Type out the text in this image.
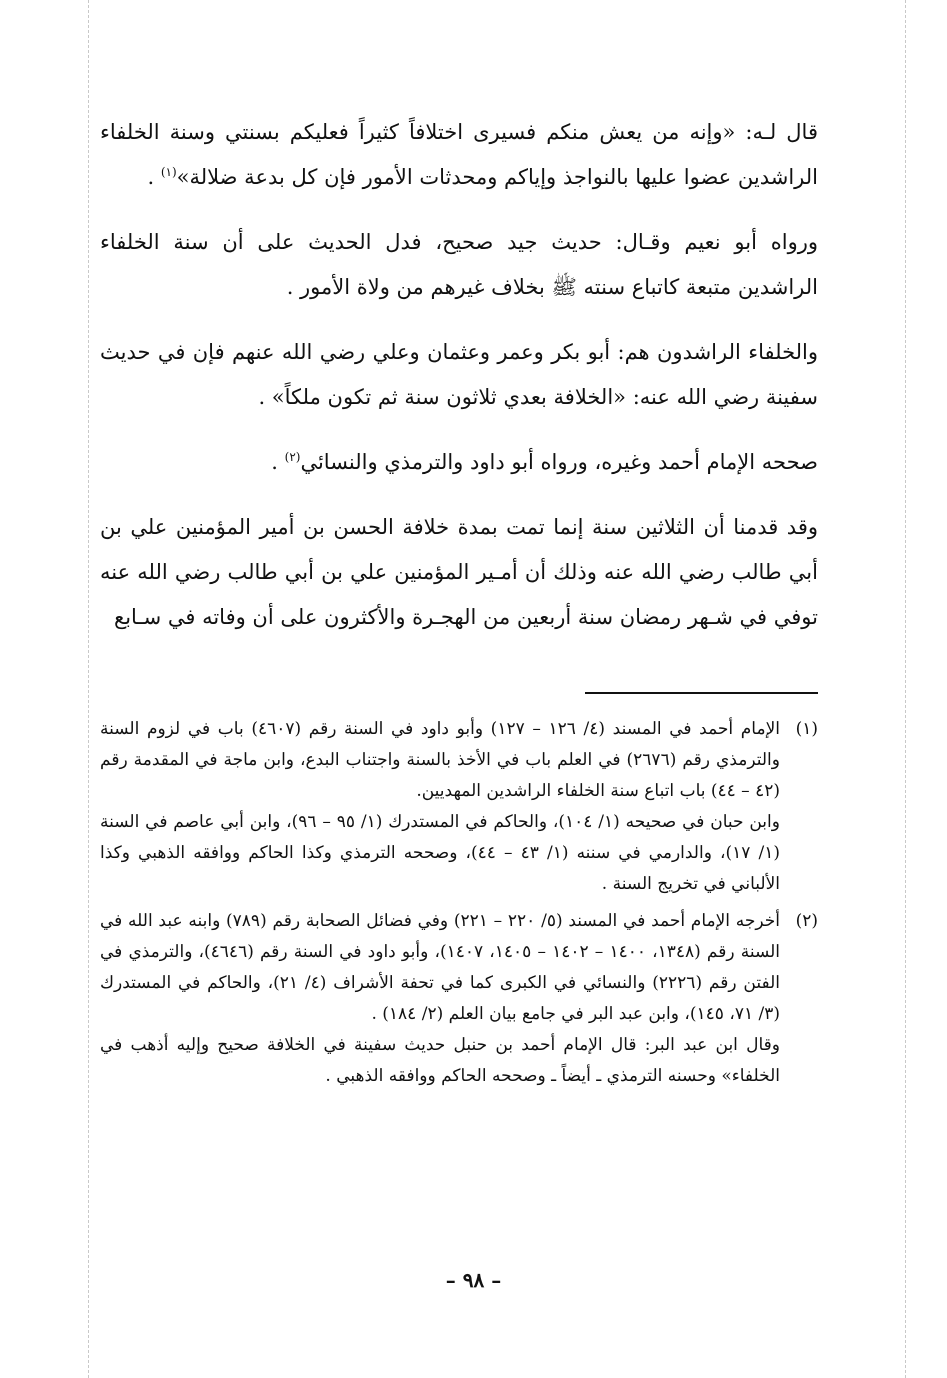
قال لـه: «وإنه من يعش منكم فسيرى اختلافاً كثيراً فعليكم بسنتي وسنة الخلفاء الراشدين عضوا عليها بالنواجذ وإياكم ومحدثات الأمور فإن كل بدعة ضلالة»$^{(١)}$ .

ورواه أبو نعيم وقـال: حديث جيد صحيح، فدل الحديث على أن سنة الخلفاء الراشدين متبعة كاتباع سنته ﷺ بخلاف غيرهم من ولاة الأمور .

والخلفاء الراشدون هم: أبو بكر وعمر وعثمان وعلي رضي الله عنهم فإن في حديث سفينة رضي الله عنه: «الخلافة بعدي ثلاثون سنة ثم تكون ملكاً» .

صححه الإمام أحمد وغيره، ورواه أبو داود والترمذي والنسائي$^{(٢)}$ .

وقد قدمنا أن الثلاثين سنة إنما تمت بمدة خلافة الحسن بن أمير المؤمنين علي بن أبي طالب رضي الله عنه وذلك أن أمـير المؤمنين علي بن أبي طالب رضي الله عنه توفي في شـهر رمضان سنة أربعين من الهجـرة والأكثرون على أن وفاته في سـابع

(١)

الإمام أحمد في المسند (٤/ ١٢٦ – ١٢٧) وأبو داود في السنة رقم (٤٦٠٧) باب في لزوم السنة والترمذي رقم (٢٦٧٦) في العلم باب في الأخذ بالسنة واجتناب البدع، وابن ماجة في المقدمة رقم (٤٢ – ٤٤) باب اتباع سنة الخلفاء الراشدين المهديين.

وابن حبان في صحيحه (١/ ١٠٤)، والحاكم في المستدرك (١/ ٩٥ – ٩٦)، وابن أبي عاصم في السنة (١/ ١٧)، والدارمي في سننه (١/ ٤٣ – ٤٤)، وصححه الترمذي وكذا الحاكم ووافقه الذهبي وكذا الألباني في تخريج السنة .

(٢)

أخرجه الإمام أحمد في المسند (٥/ ٢٢٠ – ٢٢١) وفي فضائل الصحابة رقم (٧٨٩) وابنه عبد الله في السنة رقم (١٣٤٨، ١٤٠٠ – ١٤٠٢ – ١٤٠٥، ١٤٠٧)، وأبو داود في السنة رقم (٤٦٤٦)، والترمذي في الفتن رقم (٢٢٢٦) والنسائي في الكبرى كما في تحفة الأشراف (٤/ ٢١)، والحاكم في المستدرك (٣/ ٧١، ١٤٥)، وابن عبد البر في جامع بيان العلم (٢/ ١٨٤) .

وقال ابن عبد البر: قال الإمام أحمد بن حنبل حديث سفينة في الخلافة صحيح وإليه أذهب في الخلفاء» وحسنه الترمذي ـ أيضاً ـ وصححه الحاكم ووافقه الذهبي .

– ٩٨ –
